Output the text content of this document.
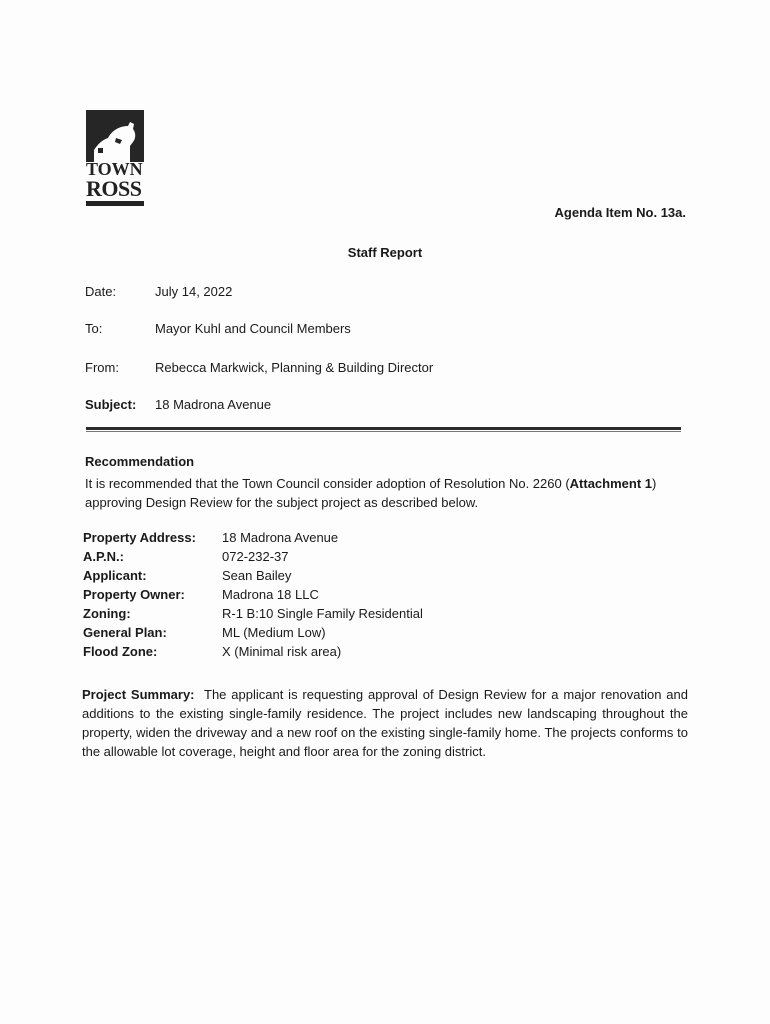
TOWN
ROSS
Agenda Item No. 13a.
Staff Report
Date:	July 14, 2022
To:	Mayor Kuhl and Council Members
From:	Rebecca Markwick, Planning & Building Director
Subject: 18 Madrona Avenue
Recommendation
It is recommended that the Town Council consider adoption of Resolution No. 2260 (Attachment 1) approving Design Review for the subject project as described below.
Property Address: 18 Madrona Avenue
A.P.N.:	072-232-37
Applicant:	Sean Bailey
Property Owner:	Madrona 18 LLC
Zoning:	R-1 B:10 Single Family Residential
General Plan:	ML (Medium Low)
Flood Zone:	X (Minimal risk area)
Project Summary: The applicant is requesting approval of Design Review for a major renovation and additions to the existing single-family residence. The project includes new landscaping throughout the property, widen the driveway and a new roof on the existing single-family home. The projects conforms to the allowable lot coverage, height and floor area for the zoning district.
